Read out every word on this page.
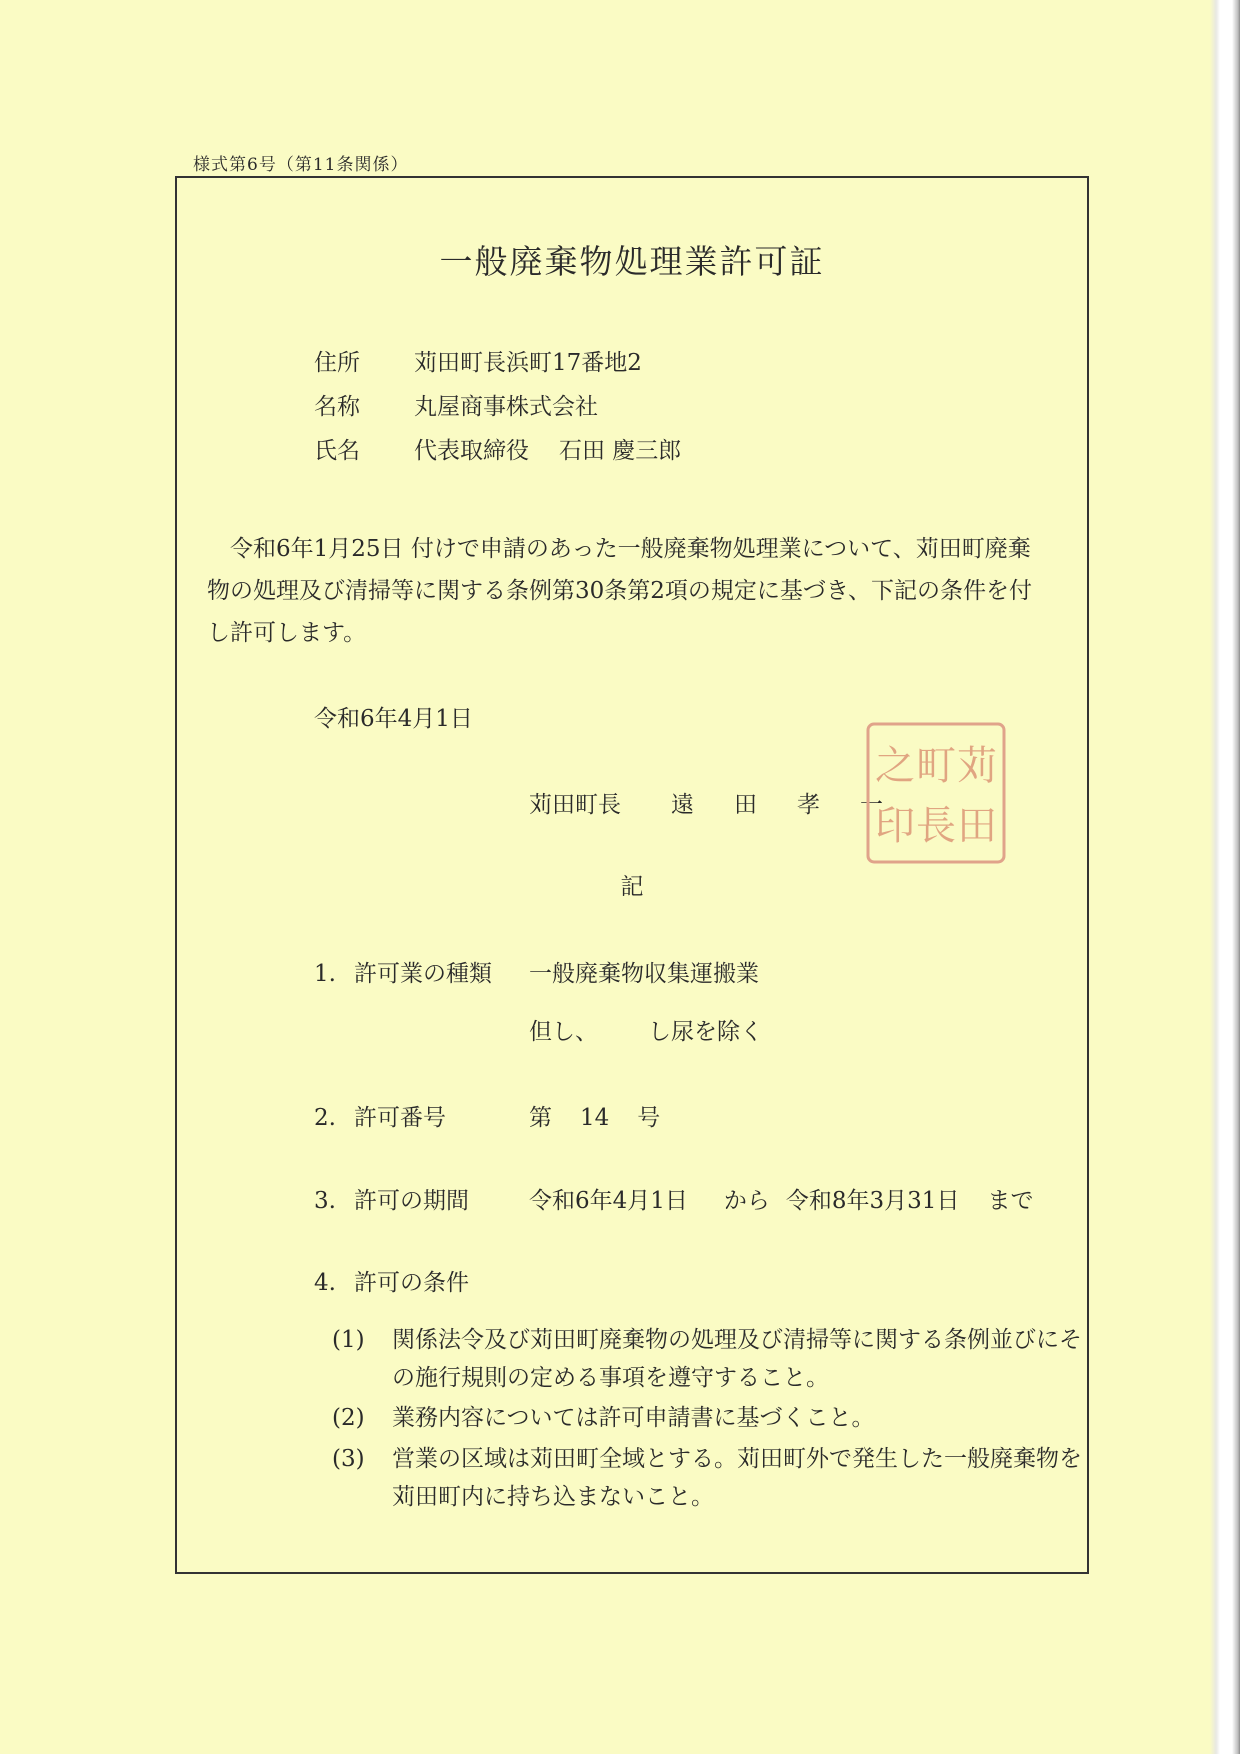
様式第6号（第11条関係）
一般廃棄物処理業許可証
住所 苅田町長浜町17番地2
名称 丸屋商事株式会社
氏名 代表取締役 石田 慶三郎
令和6年1月25日 付けで申請のあった一般廃棄物処理業について、苅田町廃棄物の処理及び清掃等に関する条例第30条第2項の規定に基づき、下記の条件を付し許可します。
令和6年4月1日
苅田町長 遠 田 孝 一
苅
田
町
長
之
印
記
1. 許可業の種類 一般廃棄物収集運搬業
但し、 し尿を除く
2. 許可番号	第 14 号
3. 許可の期間	令和6年4月1日 から 令和8年3月31日 まで
4. 許可の条件
(1) 関係法令及び苅田町廃棄物の処理及び清掃等に関する条例並びにその施行規則の定める事項を遵守すること。
(2) 業務内容については許可申請書に基づくこと。
(3) 営業の区域は苅田町全域とする。苅田町外で発生した一般廃棄物を苅田町内に持ち込まないこと。
